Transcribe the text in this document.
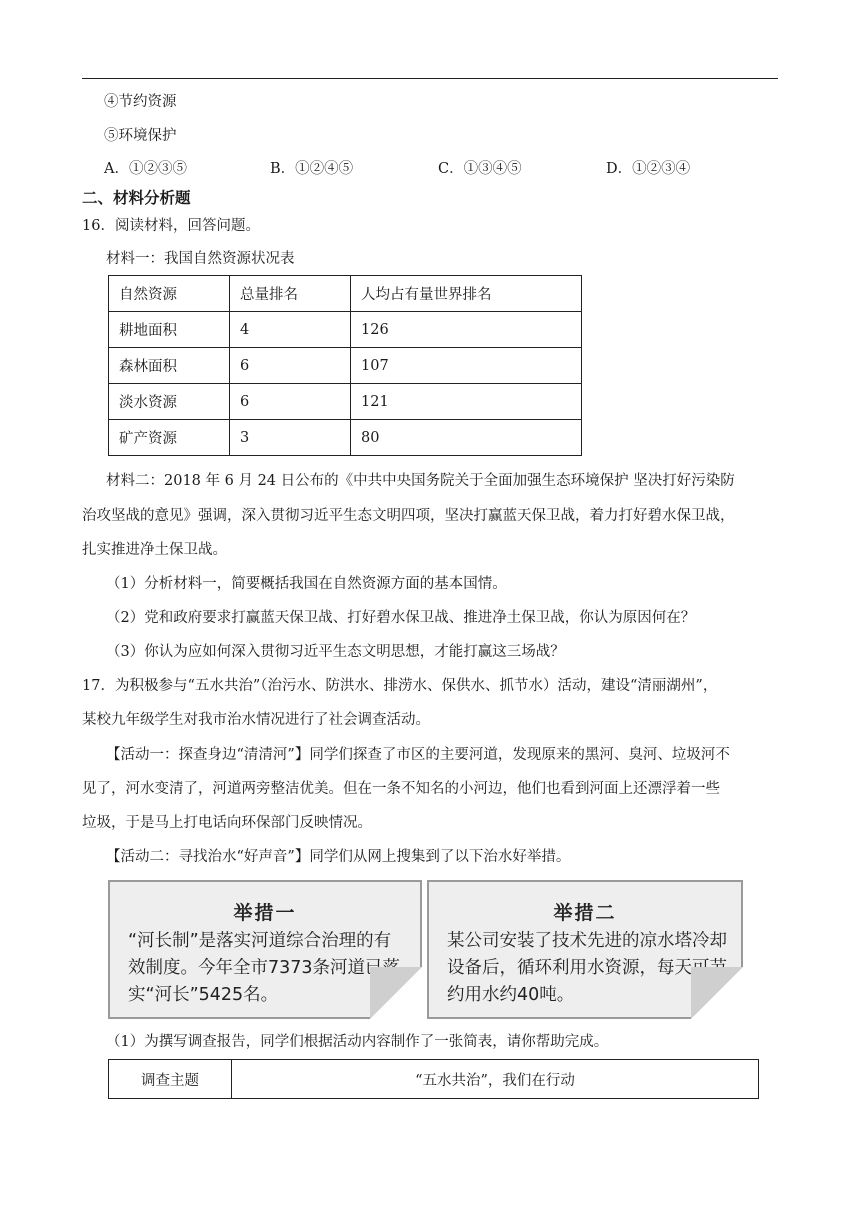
④节约资源
⑤环境保护
A．①②③⑤	B．①②④⑤	C．①③④⑤	D．①②③④
二、材料分析题
16．阅读材料，回答问题。
材料一：我国自然资源状况表
自然资源	总量排名	人均占有量世界排名
耕地面积	4	126
森林面积	6	107
淡水资源	6	121
矿产资源	3	80
材料二：2018 年 6 月 24 日公布的《中共中央国务院关于全面加强生态环境保护 坚决打好污染防
治攻坚战的意见》强调，深入贯彻习近平生态文明四项，坚决打赢蓝天保卫战，着力打好碧水保卫战，
扎实推进净土保卫战。
（1）分析材料一，简要概括我国在自然资源方面的基本国情。
（2）党和政府要求打赢蓝天保卫战、打好碧水保卫战、推进净土保卫战，你认为原因何在？
（3）你认为应如何深入贯彻习近平生态文明思想，才能打赢这三场战？
17．为积极参与“五水共治”（治污水、防洪水、排涝水、保供水、抓节水）活动，建设“清丽湖州”，
某校九年级学生对我市治水情况进行了社会调查活动。
【活动一：探查身边“清清河”】同学们探查了市区的主要河道，发现原来的黑河、臭河、垃圾河不
见了，河水变清了，河道两旁整洁优美。但在一条不知名的小河边，他们也看到河面上还漂浮着一些
垃圾，于是马上打电话向环保部门反映情况。
【活动二：寻找治水“好声音”】同学们从网上搜集到了以下治水好举措。
举措一
“河长制”是落实河道综合治理的有效制度。今年全市7373条河道已落实“河长”5425名。
举措二
某公司安装了技术先进的凉水塔冷却设备后，循环利用水资源，每天可节约用水约40吨。
（1）为撰写调查报告，同学们根据活动内容制作了一张简表，请你帮助完成。
调查主题	“五水共治”，我们在行动
